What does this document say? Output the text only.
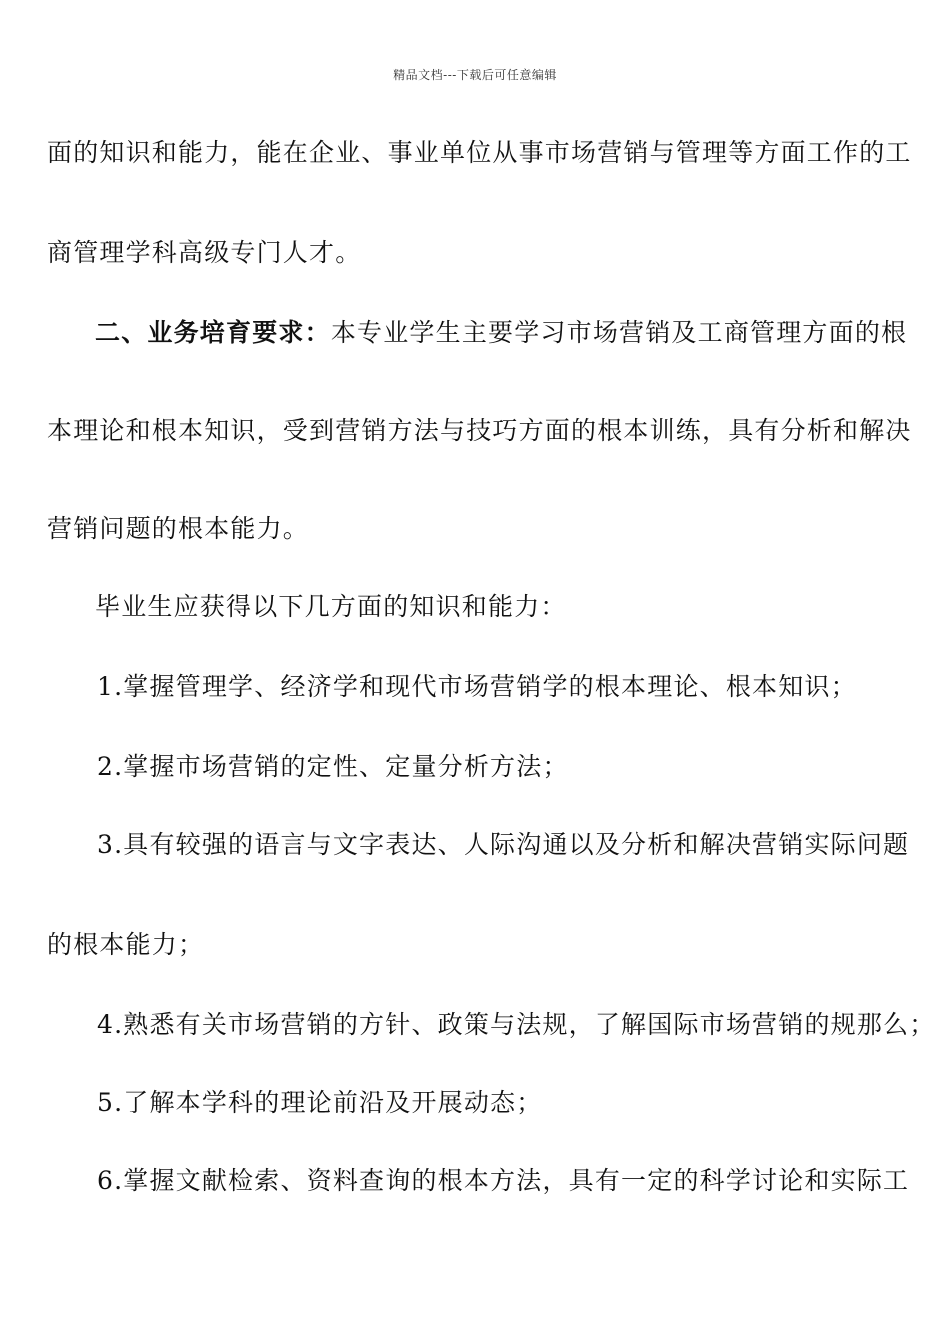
精品文档---下载后可任意编辑
面的知识和能力，能在企业、事业单位从事市场营销与管理等方面工作的工
商管理学科高级专门人才。
二、业务培育要求：本专业学生主要学习市场营销及工商管理方面的根
本理论和根本知识，受到营销方法与技巧方面的根本训练，具有分析和解决
营销问题的根本能力。
毕业生应获得以下几方面的知识和能力：
1.掌握管理学、经济学和现代市场营销学的根本理论、根本知识；
2.掌握市场营销的定性、定量分析方法；
3.具有较强的语言与文字表达、人际沟通以及分析和解决营销实际问题
的根本能力；
4.熟悉有关市场营销的方针、政策与法规，了解国际市场营销的规那么；
5.了解本学科的理论前沿及开展动态；
6.掌握文献检索、资料查询的根本方法，具有一定的科学讨论和实际工
